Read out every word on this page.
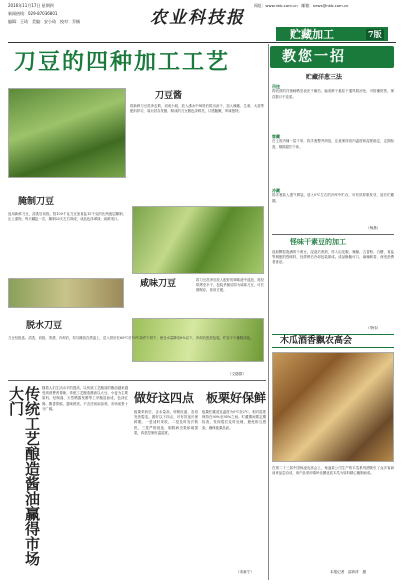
2016年11月17日 星期四
新闻热线：029-87036801
编辑：王琦　美编：安小琦　校对：乔楠	农业科技报
网址：www.nkb.com.cn　邮箱：news@nkb.com.cn
贮藏加工	7版
刀豆的四种加工工艺
刀豆酱
将新鲜刀豆洗净去筋，切成小段，放入沸水中焯烫后捞出沥干，加入辣椒、生姜、大蒜等配料拌匀，装坛封存发酵，制成的刀豆酱色泽鲜亮，口感脆嫩，风味独特。
腌制刀豆
选用新鲜刀豆，清洗后切段，按100千克刀豆加食盐15千克的比例逐层腌制，压上重物，每天翻缸一次，腌制20天左右即成，成品色泽翠绿，咸鲜适口。
咸味刀豆	将刀豆洗净后放入配好的调味液中浸泡，再经烘烤至半干，包装杀菌后即为咸味刀豆，可长期保存，食用方便。
脱水刀豆
刀豆经挑选、清洗、切段、烫漂、冷却后，均匀摊放在烘盘上，送入烘房在60℃至70℃条件下烘干，使含水量降至6%以下，冷却后密封包装，贮存于干燥阴凉处。
（文德群）
教您一招
贮藏洋葱三法
吊挂
将收获的洋葱晾晒至表皮干燥后，编成辫子悬挂于通风阴凉处，可防潮防热，保存数月不变质。
窖藏
在土窖内铺一层干草，将洋葱整齐码放，注意保持窖内温度和湿度稳定，定期检查，剔除腐烂个体。
冷藏
将洋葱装入透气网袋，放入0℃左右的冷库中贮存，可有效抑制发芽，延长贮藏期。
（杨燕）
怪味干素豆的加工
选取颗粒饱满的干黄豆，浸泡后煮熟，拌入由花椒、辣椒、五香粉、白糖、食盐等调配的怪味料，经烘烤后冷却包装即成。成品酥脆可口，麻辣鲜香，深受消费者喜爱。
（李伟）
木瓜酒香飘农高会
在第二十三届中国杨凌农高会上，杨凌某公司生产的木瓜系列酒吸引了众多客商前来品尝洽谈，该产品采用秦岭北麓优质木瓜为原料精心酿制而成。
本报记者　邵育祥　摄
传统工艺酿造酱油赢得市场大门	随着人们生活水平的提高，以传统工艺酿造的酱油越来越受到消费者青睐。传统工艺酿造酱油以大豆、小麦为主要原料，经制曲、天然晒露发酵等工序酿造而成，色泽红褐、酱香浓郁、滋味鲜美，不含任何添加剂，市场前景十分广阔。
做好这四点　板栗好保鲜
板栗采收后，含水量高，呼吸旺盛，容易发热霉变。做好以下四点，可有效延长保鲜期。一是适时采收，二是及时发汗散热，三是严格挑选，剔除病虫果和破损果，四是控制好温湿度。
板栗贮藏适宜温度为0℃至2℃，相对湿度保持在90%至95%之间。贮藏期间要定期检查，发现霉烂及时处理，避免相互感染，确保板栗品质。
（宋新宁）
